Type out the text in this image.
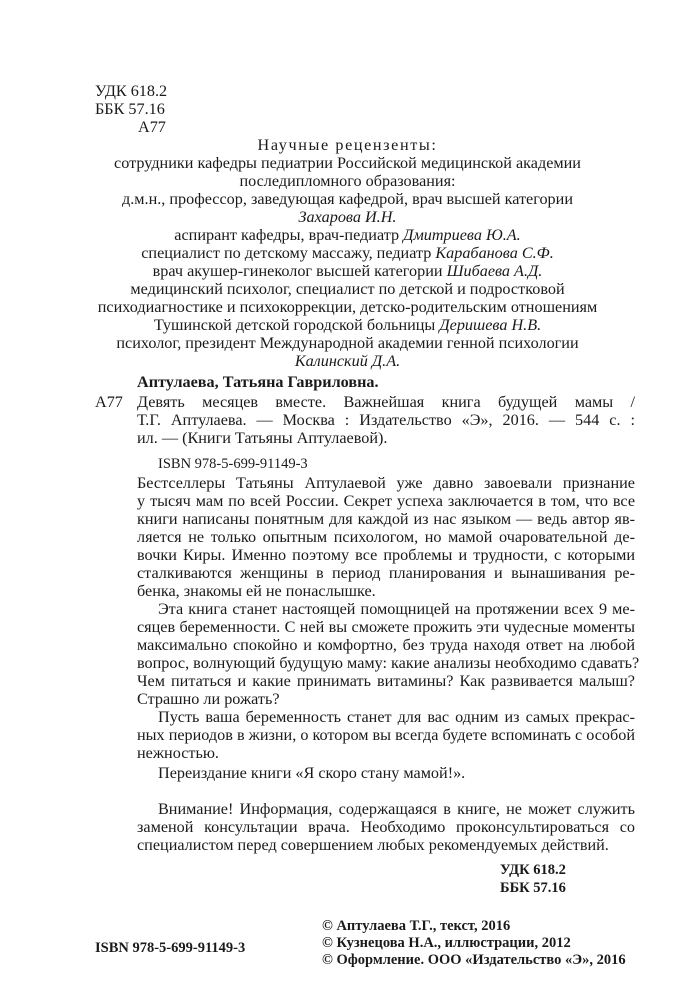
УДК 618.2
ББК 57.16
А77
Научные рецензенты:
сотрудники кафедры педиатрии Российской медицинской академии
последипломного образования:
д.м.н., профессор, заведующая кафедрой, врач высшей категории
Захарова И.Н.
аспирант кафедры, врач-педиатр Дмитриева Ю.А.
специалист по детскому массажу, педиатр Карабанова С.Ф.
врач акушер-гинеколог высшей категории Шибаева А.Д.
медицинский психолог, специалист по детской и подростковой
психодиагностике и психокоррекции, детско-родительским отношениям
Тушинской детской городской больницы Деришева Н.В.
психолог, президент Международной академии генной психологии
Калинский Д.А.
Аптулаева, Татьяна Гавриловна.
А77 Девять месяцев вместе. Важнейшая книга будущей мамы /
Т.Г. Аптулаева. — Москва : Издательство «Э», 2016. — 544 с. :
ил. — (Книги Татьяны Аптулаевой).
ISBN 978-5-699-91149-3
Бестселлеры Татьяны Аптулаевой уже давно завоевали признание
у тысяч мам по всей России. Секрет успеха заключается в том, что все
книги написаны понятным для каждой из нас языком — ведь автор яв-
ляется не только опытным психологом, но мамой очаровательной де-
вочки Киры. Именно поэтому все проблемы и трудности, с которыми
сталкиваются женщины в период планирования и вынашивания ре-
бенка, знакомы ей не понаслышке.
Эта книга станет настоящей помощницей на протяжении всех 9 ме-
сяцев беременности. С ней вы сможете прожить эти чудесные моменты
максимально спокойно и комфортно, без труда находя ответ на любой
вопрос, волнующий будущую маму: какие анализы необходимо сдавать?
Чем питаться и какие принимать витамины? Как развивается малыш?
Страшно ли рожать?
Пусть ваша беременность станет для вас одним из самых прекрас-
ных периодов в жизни, о котором вы всегда будете вспоминать с особой
нежностью.
Переиздание книги «Я скоро стану мамой!».
Внимание! Информация, содержащаяся в книге, не может служить
заменой консультации врача. Необходимо проконсультироваться со
специалистом перед совершением любых рекомендуемых действий.
УДК 618.2
ББК 57.16
ISBN 978-5-699-91149-3
© Аптулаева Т.Г., текст, 2016
© Кузнецова Н.А., иллюстрации, 2012
© Оформление. ООО «Издательство «Э», 2016
